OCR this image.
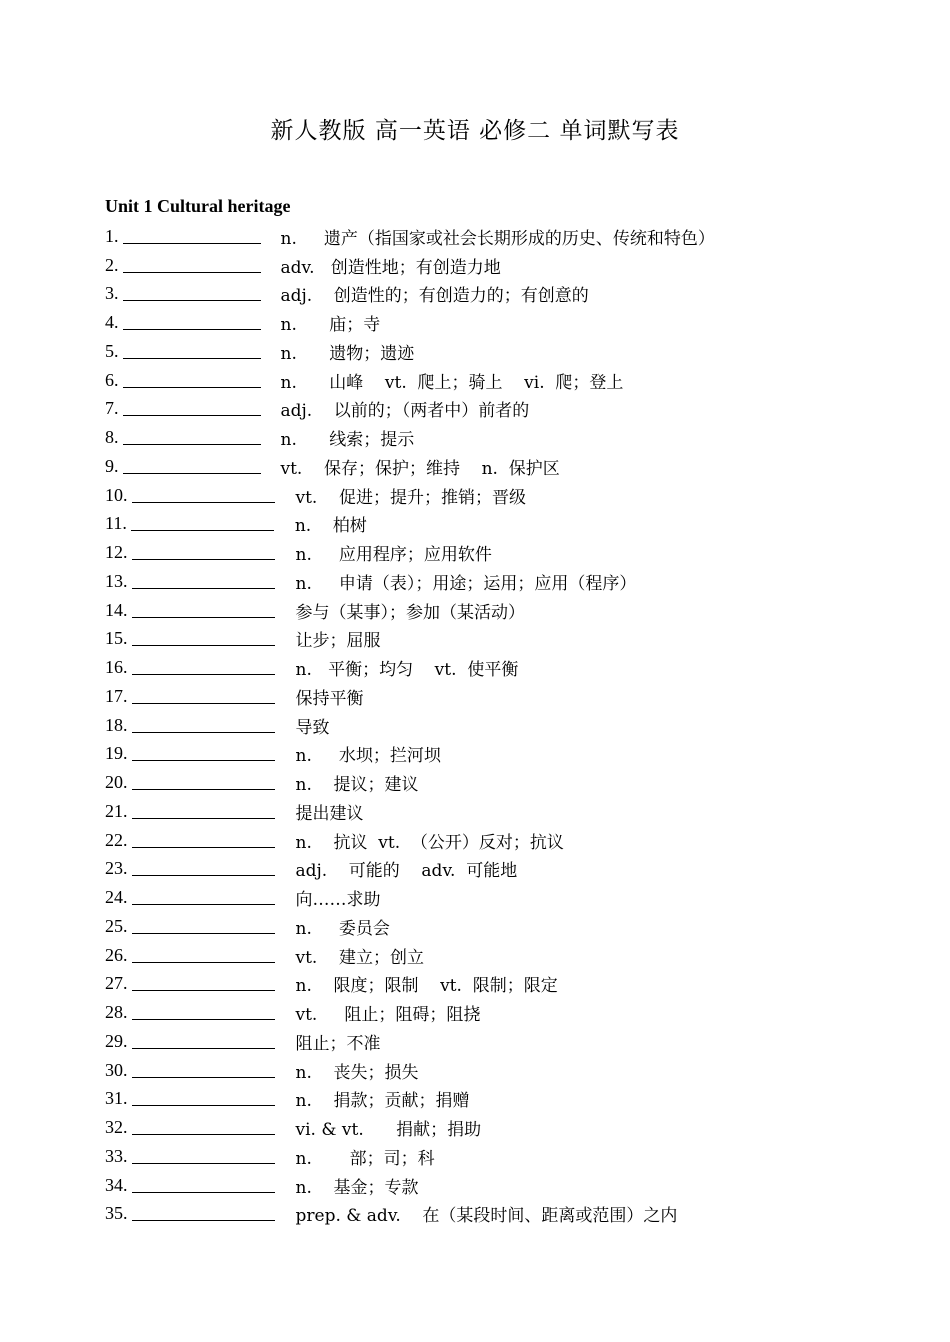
新人教版 高一英语 必修二 单词默写表
Unit 1 Cultural heritage
1.	n.     遗产（指国家或社会长期形成的历史、传统和特色）
2.	adv.   创造性地；有创造力地
3.	adj.    创造性的；有创造力的；有创意的
4.	n.      庙；寺
5.	n.      遗物；遗迹
6.	n.      山峰    vt.  爬上；骑上    vi.  爬；登上
7.	adj.    以前的；（两者中）前者的
8.	n.      线索；提示
9.	vt.    保存；保护；维持    n.  保护区
10.	vt.    促进；提升；推销；晋级
11.	n.    柏树
12.	n.     应用程序；应用软件
13.	n.     申请（表）；用途；运用；应用（程序）
14.	参与（某事）；参加（某活动）
15.	让步；屈服
16.	n.   平衡；均匀    vt.  使平衡
17.	保持平衡
18.	导致
19.	n.     水坝；拦河坝
20.	n.    提议；建议
21.	提出建议
22.	n.    抗议  vt.  （公开）反对；抗议
23.	adj.    可能的    adv.  可能地
24.	向……求助
25.	n.     委员会
26.	vt.    建立；创立
27.	n.    限度；限制    vt.  限制；限定
28.	vt.     阻止；阻碍；阻挠
29.	阻止；不准
30.	n.    丧失；损失
31.	n.    捐款；贡献；捐赠
32.	vi. & vt.      捐献；捐助
33.	n.       部；司；科
34.	n.    基金；专款
35.	prep. & adv.    在（某段时间、距离或范围）之内
